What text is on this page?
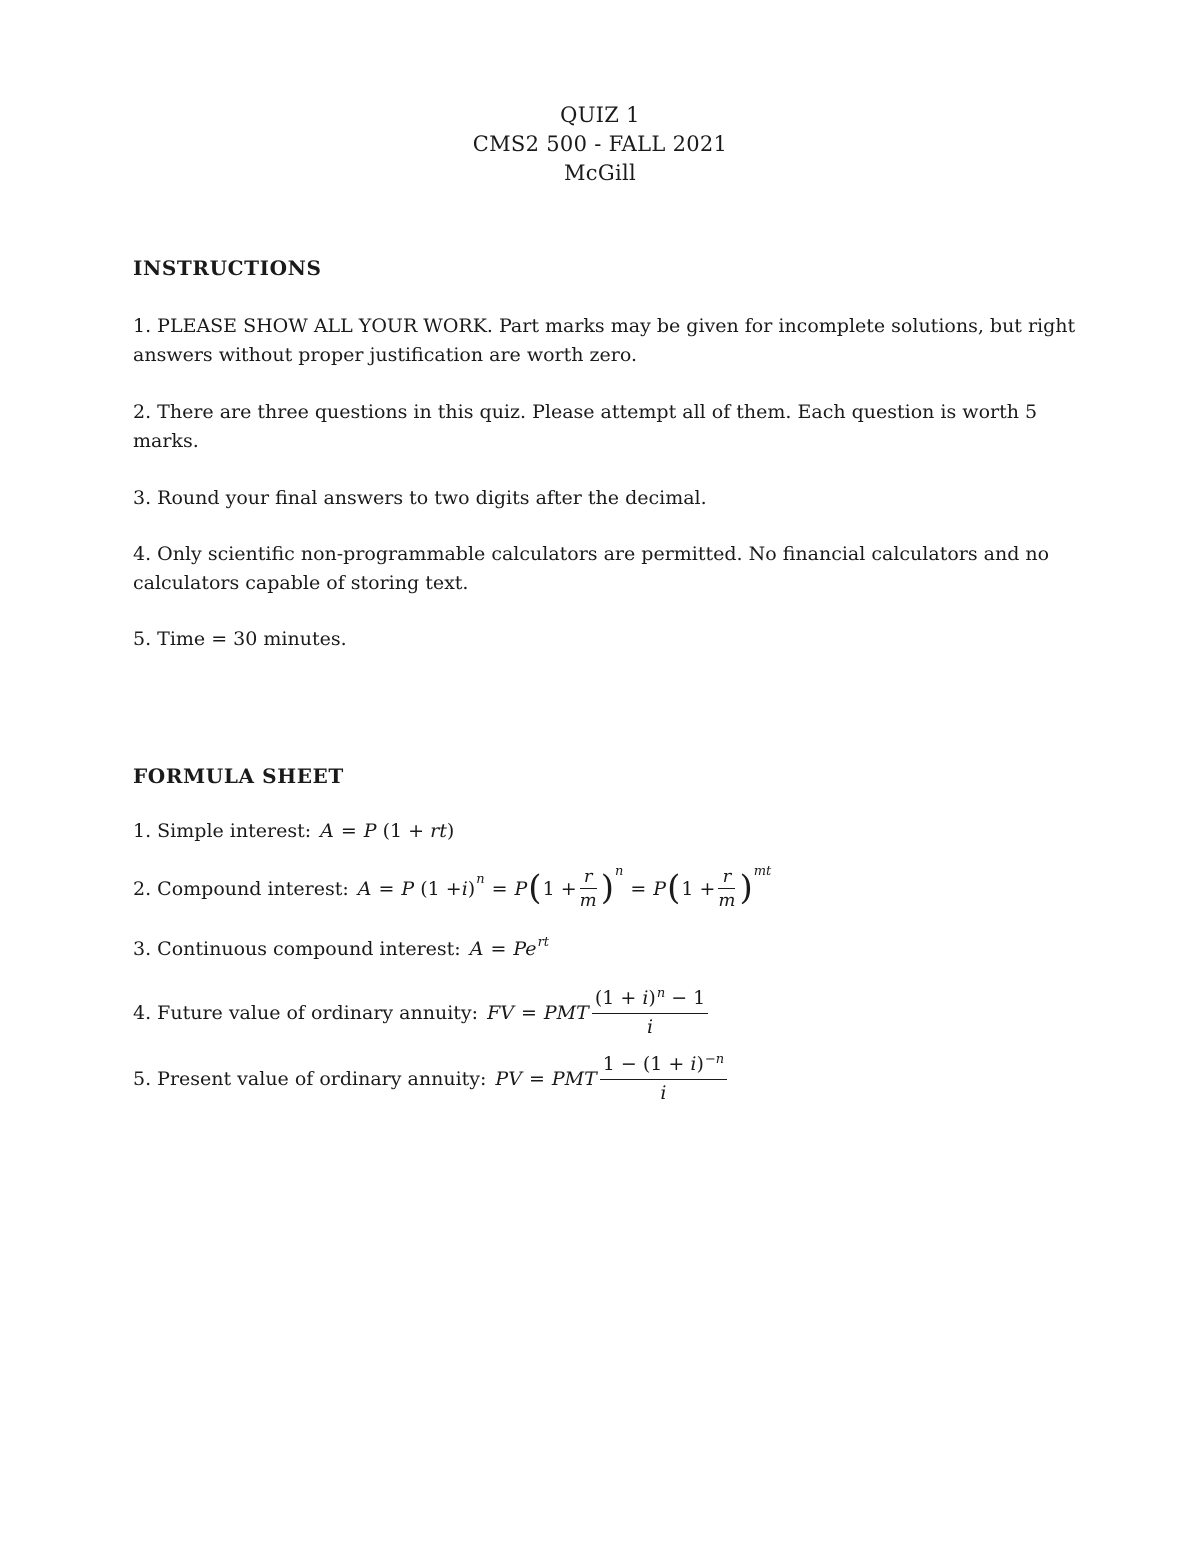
QUIZ 1
CMS2 500 - FALL 2021
McGill
INSTRUCTIONS
1. PLEASE SHOW ALL YOUR WORK. Part marks may be given for incomplete solutions, but right answers without proper justification are worth zero.
2. There are three questions in this quiz. Please attempt all of them. Each question is worth 5 marks.
3. Round your final answers to two digits after the decimal.
4. Only scientific non-programmable calculators are permitted. No financial calculators and no calculators capable of storing text.
5. Time = 30 minutes.
FORMULA SHEET
1. Simple interest: A = P (1 + rt)
2. Compound interest: A = P (1 + i ) n = P ( $1 + \frac{r}{m}$ ) n
= P ( $1 + \frac{r}{m}$ ) mt
3. Continuous compound interest: $A = Pe^{rt}$
4. Future value of ordinary annuity: FV = PMT $\frac{(1 + i)^n - 1}{i}$
5. Present value of ordinary annuity: PV = PMT $\frac{1 - (1 + i)^{-n}}{i}$
